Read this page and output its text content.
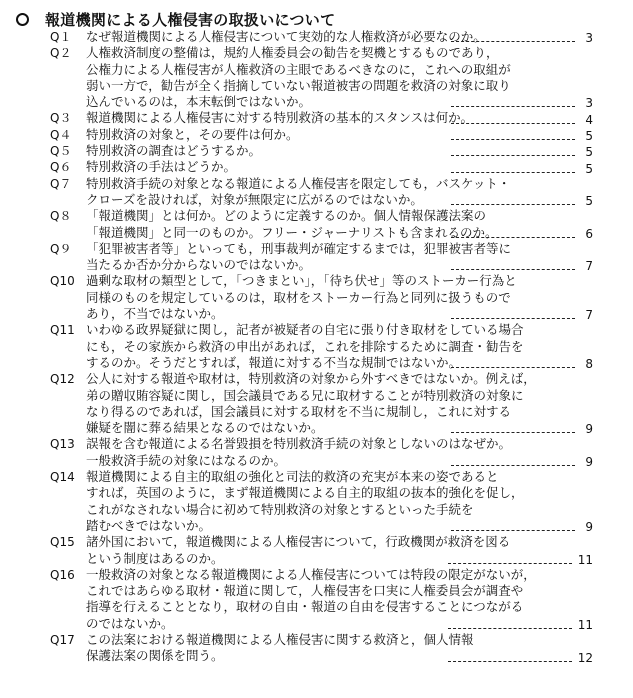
報道機関による人権侵害の取扱いについて
Q１	なぜ報道機関による人権侵害について実効的な人権救済が必要なのか。	3
Q２	人権救済制度の整備は，規約人権委員会の勧告を契機とするものであり，
公権力による人権侵害が人権救済の主眼であるべきなのに，これへの取組が
弱い一方で，勧告が全く指摘していない報道被害の問題を救済の対象に取り
込んでいるのは，本末転倒ではないか。	3
Q３	報道機関による人権侵害に対する特別救済の基本的スタンスは何か。	4
Q４	特別救済の対象と，その要件は何か。	5
Q５	特別救済の調査はどうするか。	5
Q６	特別救済の手法はどうか。	5
Q７	特別救済手続の対象となる報道による人権侵害を限定しても，バスケット・
クローズを設ければ，対象が無限定に広がるのではないか。	5
Q８	「報道機関」とは何か。どのように定義するのか。個人情報保護法案の
「報道機関」と同一のものか。フリー・ジャーナリストも含まれるのか。	6
Q９	「犯罪被害者等」といっても，刑事裁判が確定するまでは，犯罪被害者等に
当たるか否か分からないのではないか。	7
Q10 過剰な取材の類型として，「つきまとい」，「待ち伏せ」等のストーカー行為と
同様のものを規定しているのは，取材をストーカー行為と同列に扱うもので
あり，不当ではないか。	7
Q11 いわゆる政界疑獄に関し，記者が被疑者の自宅に張り付き取材をしている場合
にも，その家族から救済の申出があれば，これを排除するために調査・勧告を
するのか。そうだとすれば，報道に対する不当な規制ではないか。	8
Q12 公人に対する報道や取材は，特別救済の対象から外すべきではないか。例えば，
弟の贈収賄容疑に関し，国会議員である兄に取材することが特別救済の対象に
なり得るのであれば，国会議員に対する取材を不当に規制し，これに対する
嫌疑を闇に葬る結果となるのではないか。	9
Q13 誤報を含む報道による名誉毀損を特別救済手続の対象としないのはなぜか。
一般救済手続の対象にはなるのか。	9
Q14 報道機関による自主的取組の強化と司法的救済の充実が本来の姿であると
すれば，英国のように，まず報道機関による自主的取組の抜本的強化を促し，
これがなされない場合に初めて特別救済の対象とするといった手続を
踏むべきではないか。	9
Q15 諸外国において，報道機関による人権侵害について，行政機関が救済を図る
という制度はあるのか。	11
Q16 一般救済の対象となる報道機関による人権侵害については特段の限定がないが，
これではあらゆる取材・報道に関して，人権侵害を口実に人権委員会が調査や
指導を行えることとなり，取材の自由・報道の自由を侵害することにつながる
のではないか。	11
Q17 この法案における報道機関による人権侵害に関する救済と，個人情報
保護法案の関係を問う。	12
